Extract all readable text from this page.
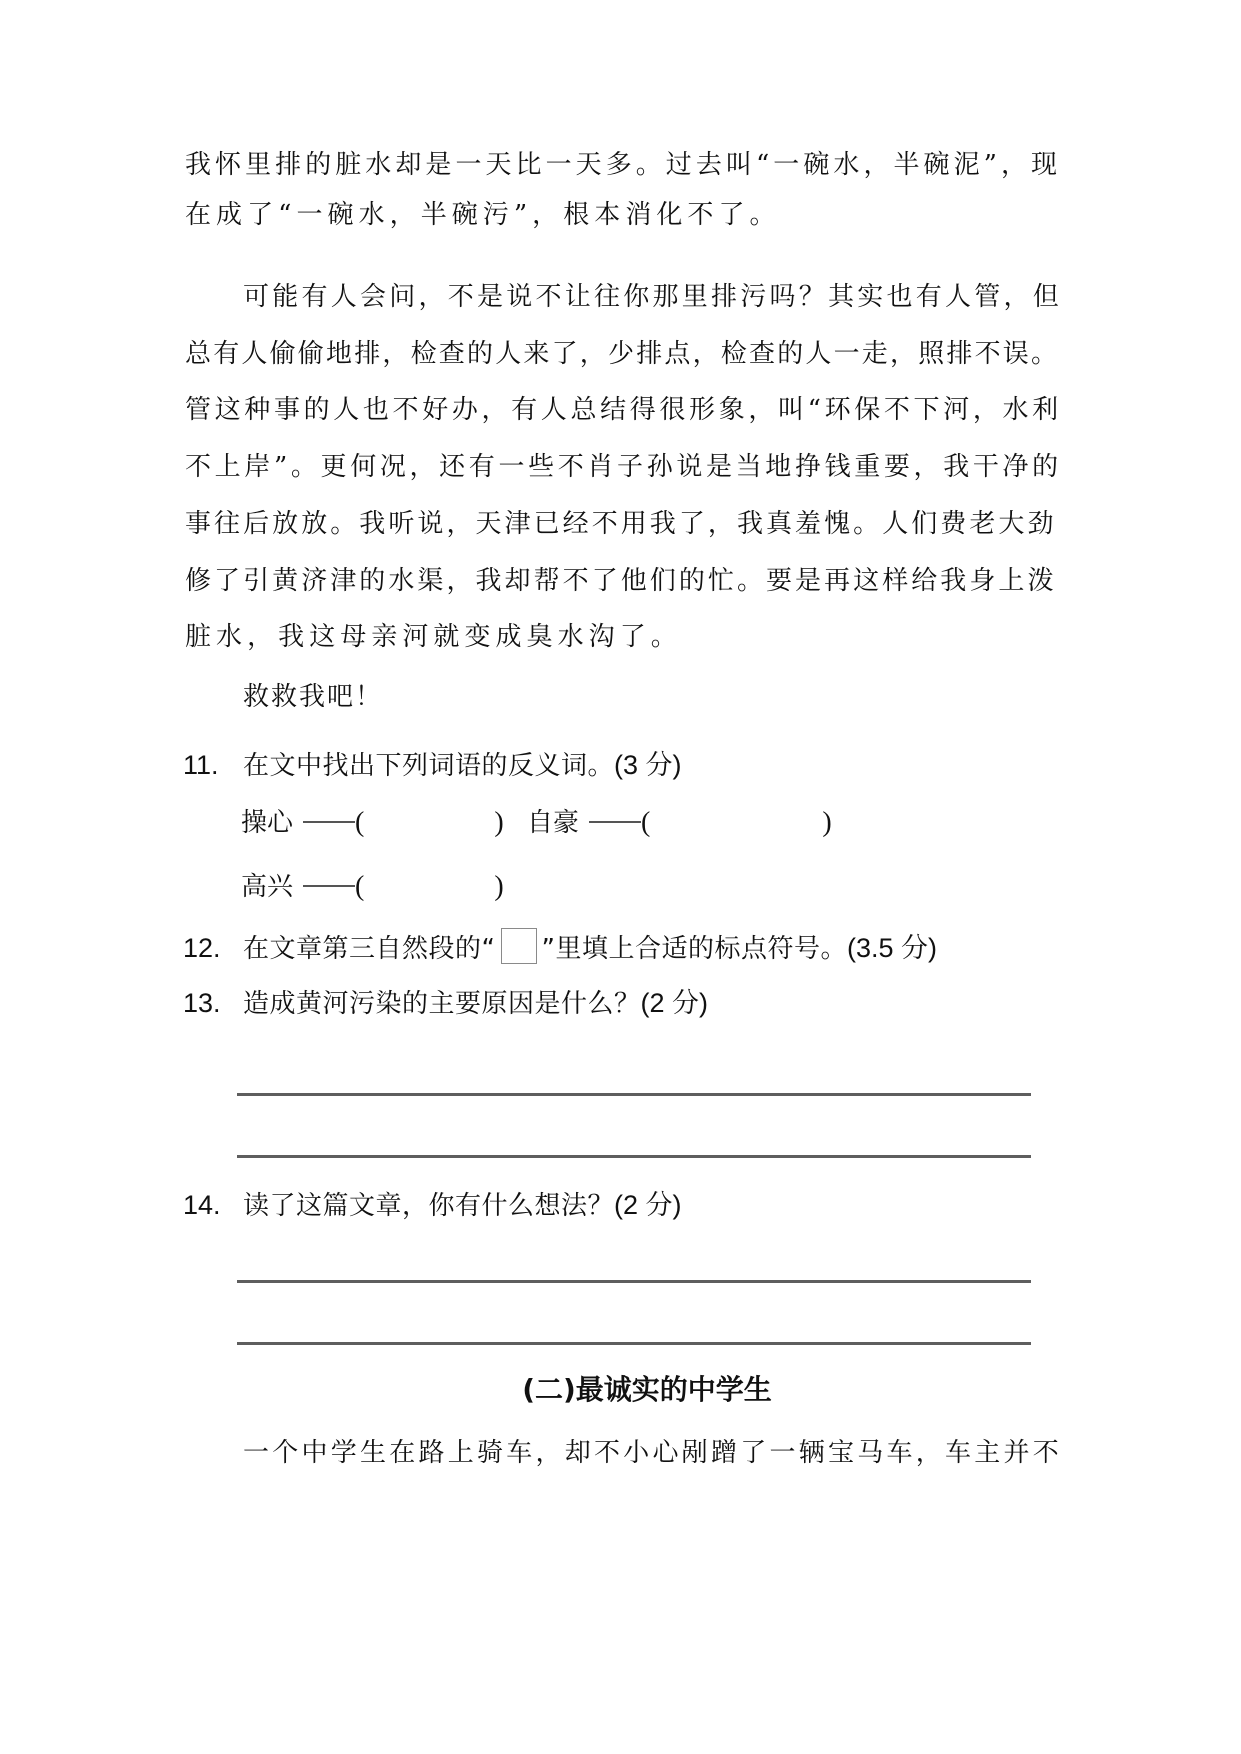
我怀里排的脏水却是一天比一天多。过去叫“一碗水，半碗泥”，现
在成了“一碗水，半碗污”，根本消化不了。
可能有人会问，不是说不让往你那里排污吗？其实也有人管，但
总有人偷偷地排，检查的人来了，少排点，检查的人一走，照排不误。
管这种事的人也不好办，有人总结得很形象，叫“环保不下河，水利
不上岸”。更何况，还有一些不肖子孙说是当地挣钱重要，我干净的
事往后放放。我听说，天津已经不用我了，我真羞愧。人们费老大劲
修了引黄济津的水渠，我却帮不了他们的忙。要是再这样给我身上泼
脏水，我这母亲河就变成臭水沟了。
救救我吧！
11. 在文中找出下列词语的反义词。(3 分)
操心 (	) 自豪 (	)
高兴 (	)
12. 在文章第三自然段的“ ”里填上合适的标点符号。(3.5 分)
13. 造成黄河污染的主要原因是什么？(2 分)
14. 读了这篇文章，你有什么想法？(2 分)
(二)最诚实的中学生
一个中学生在路上骑车，却不小心剐蹭了一辆宝马车，车主并不
